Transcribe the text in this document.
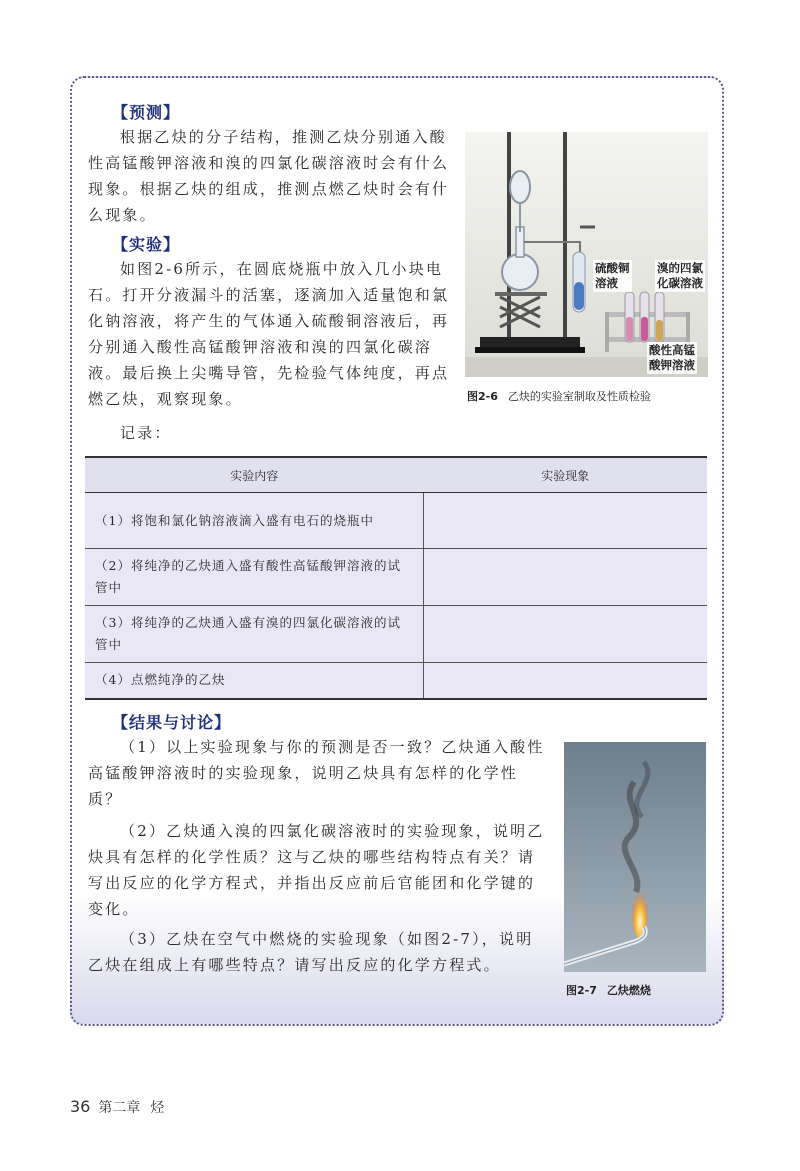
【预测】

根据乙炔的分子结构，推测乙炔分别通入酸性高锰酸钾溶液和溴的四氯化碳溶液时会有什么现象。根据乙炔的组成，推测点燃乙炔时会有什么现象。

【实验】

如图2-6所示，在圆底烧瓶中放入几小块电石。打开分液漏斗的活塞，逐滴加入适量饱和氯化钠溶液，将产生的气体通入硫酸铜溶液后，再分别通入酸性高锰酸钾溶液和溴的四氯化碳溶液。最后换上尖嘴导管，先检验气体纯度，再点燃乙炔，观察现象。

记录：

硫酸铜
溶液
溴的四氯
化碳溶液
酸性高锰
酸钾溶液
图2-6 乙炔的实验室制取及性质检验
实验内容	实验现象
（1）将饱和氯化钠溶液滴入盛有电石的烧瓶中	
（2）将纯净的乙炔通入盛有酸性高锰酸钾溶液的试管中	
（3）将纯净的乙炔通入盛有溴的四氯化碳溶液的试管中	
（4）点燃纯净的乙炔	
【结果与讨论】

（1）以上实验现象与你的预测是否一致？乙炔通入酸性高锰酸钾溶液时的实验现象，说明乙炔具有怎样的化学性质？

（2）乙炔通入溴的四氯化碳溶液时的实验现象，说明乙炔具有怎样的化学性质？这与乙炔的哪些结构特点有关？请写出反应的化学方程式，并指出反应前后官能团和化学键的变化。

（3）乙炔在空气中燃烧的实验现象（如图2-7），说明乙炔在组成上有哪些特点？请写出反应的化学方程式。

图2-7 乙炔燃烧
36 第二章 烃
